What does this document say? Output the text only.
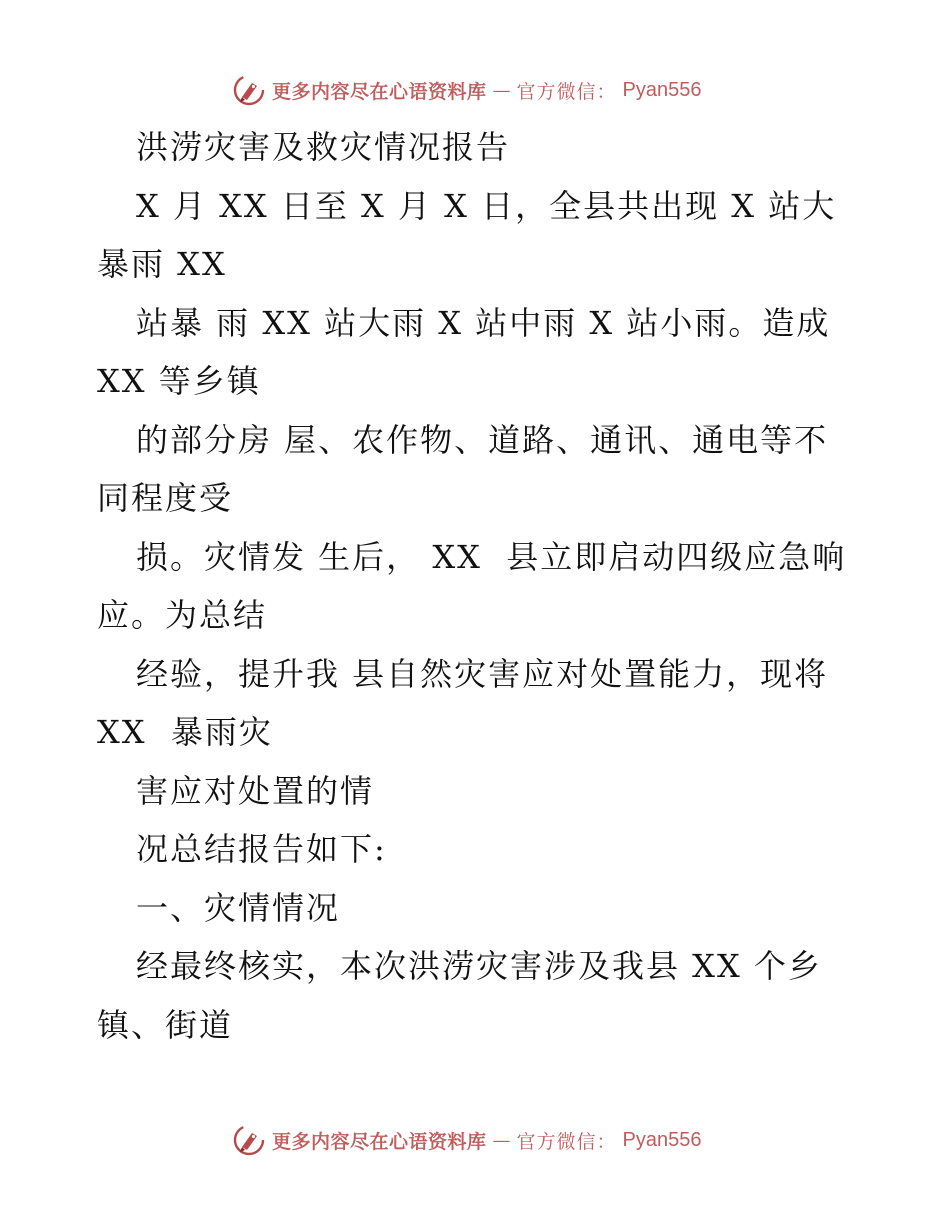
更多内容尽在心语资料库 — 官方微信： Pyan556
洪涝灾害及救灾情况报告
X 月 XX 日至 X 月 X 日，全县共出现 X 站大
暴雨 XX
站暴 雨 XX 站大雨 X 站中雨 X 站小雨。造成
XX 等乡镇
的部分房 屋、农作物、道路、通讯、通电等不
同程度受
损。灾情发 生后， XX  县立即启动四级应急响
应。为总结
经验，提升我 县自然灾害应对处置能力，现将
XX  暴雨灾
害应对处置的情
况总结报告如下:
一、灾情情况
经最终核实，本次洪涝灾害涉及我县 XX 个乡
镇、街道
更多内容尽在心语资料库 — 官方微信： Pyan556
